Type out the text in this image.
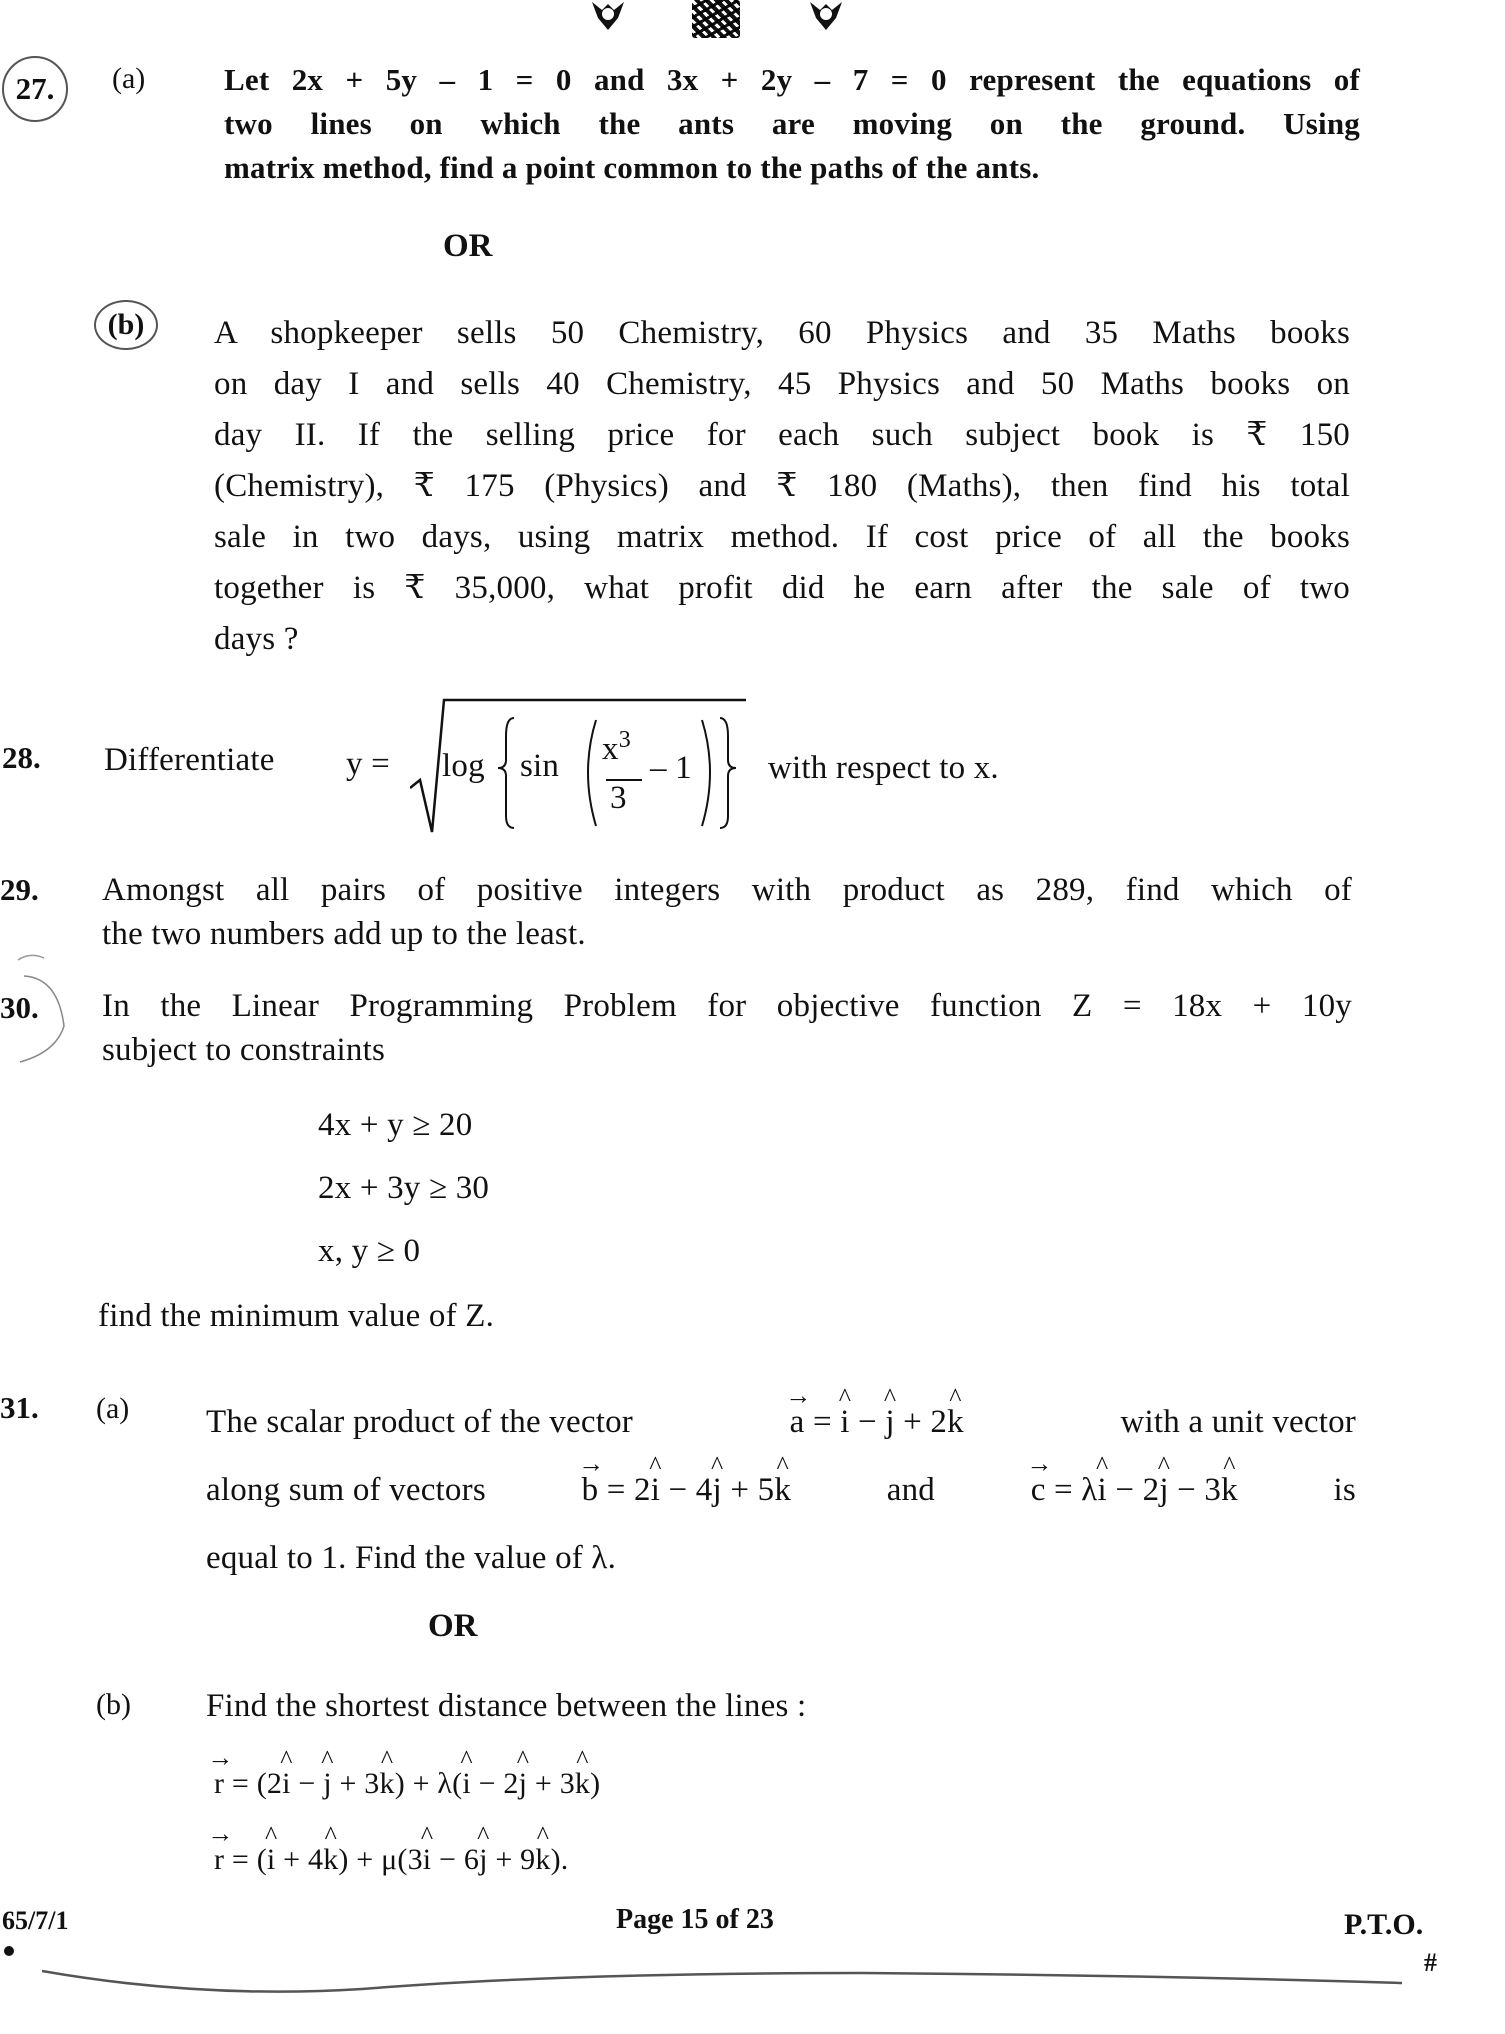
27.	(a)	Let 2x + 5y – 1 = 0 and 3x + 2y – 7 = 0 represent the equations of
two lines on which the ants are moving on the ground. Using
matrix method, find a point common to the paths of the ants.
OR
(b)	A shopkeeper sells 50 Chemistry, 60 Physics and 35 Maths books
on day I and sells 40 Chemistry, 45 Physics and 50 Maths books on
day II. If the selling price for each such subject book is ₹ 150
(Chemistry), ₹ 175 (Physics) and ₹ 180 (Maths), then find his total
sale in two days, using matrix method. If cost price of all the books
together is ₹ 35,000, what profit did he earn after the sale of two
days ?
28. Differentiate $y = \log \sin x^3$
3
– 1 with respect to x.
29. Amongst all pairs of positive integers with product as 289, find which of
the two numbers add up to the least.
30. In the Linear Programming Problem for objective function Z = 18x + 10y
subject to constraints
4x + y ≥ 20
2x + 3y ≥ 30
x, y ≥ 0
find the minimum value of Z.
31. (a) The scalar product of the vector	→ a = ^ i − ^ j + 2^ k	with a unit vector
along sum of vectors	→ b = 2^ i − 4^ j + 5^ k	and	→ c = λ^ i − 2^ j − 3^ k	is
equal to 1. Find the value of λ.
OR
(b) Find the shortest distance between the lines :
→ r = (2^ i − ^ j + 3^ k) + λ(^ i − 2^ j + 3^ k)
→ r = (^ i + 4^ k) + μ(3^ i − 6^ j + 9^ k).
65/7/1	Page 15 of 23	P.T.O.
#
